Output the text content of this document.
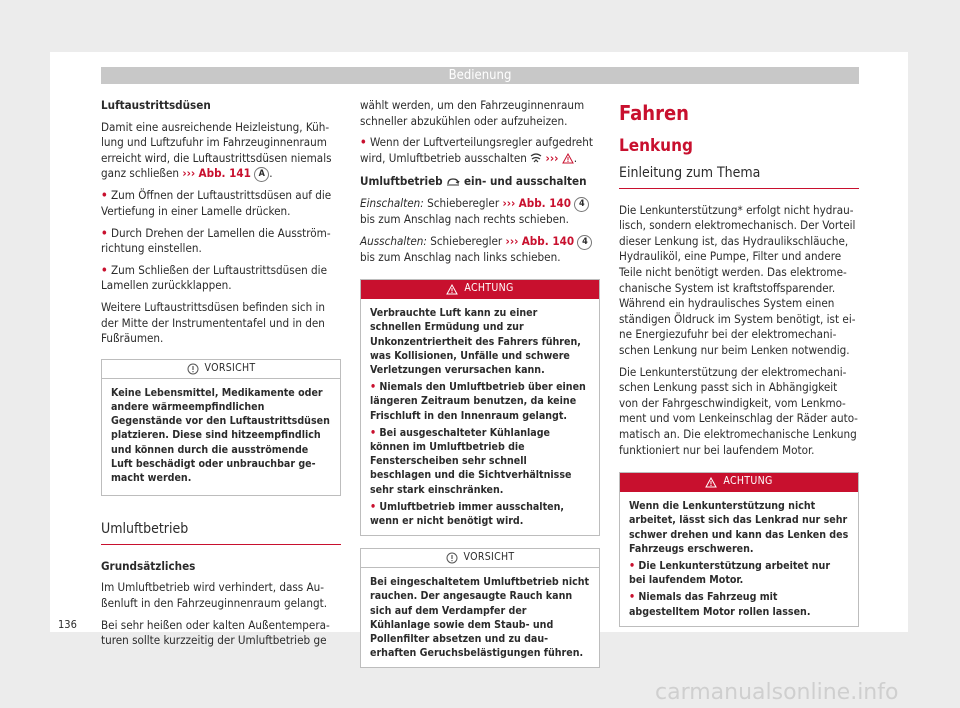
Bedienung

Luftaustrittsdüsen

Damit eine ausreichende Heizleistung, Kühlung und Luftzufuhr im Fahrzeuginnenraum erreicht wird, die Luftaustrittsdüsen niemals ganz schließen ››› Abb. 141 A .

• Zum Öffnen der Luftaustrittsdüsen auf die Vertiefung in einer Lamelle drücken.

• Durch Drehen der Lamellen die Ausströmrichtung einstellen.

• Zum Schließen der Luftaustrittsdüsen die Lamellen zurückklappen.

Weitere Luftaustrittsdüsen befinden sich in der Mitte der Instrumententafel und in den Fußräumen.

VORSICHT

Keine Lebensmittel, Medikamente oder andere wärmeempfindlichen Gegenstände vor den Luftaustrittsdüsen platzieren. Diese sind hitzeempfindlich und können durch die ausströmende Luft beschädigt oder unbrauchbar gemacht werden.

Umluftbetrieb

Grundsätzliches

Im Umluftbetrieb wird verhindert, dass Außenluft in den Fahrzeuginnenraum gelangt.

Bei sehr heißen oder kalten Außentemperaturen sollte kurzzeitig der Umluftbetrieb ge

wählt werden, um den Fahrzeuginnenraum schneller abzukühlen oder aufzuheizen.

• Wenn der Luftverteilungsregler aufgedreht wird, Umluftbetrieb ausschalten ››› .

Umluftbetrieb ein- und ausschalten

Einschalten: Schieberegler ››› Abb. 140 4
bis zum Anschlag nach rechts schieben.

Ausschalten: Schieberegler ››› Abb. 140 4
bis zum Anschlag nach links schieben.

ACHTUNG

Verbrauchte Luft kann zu einer schnellen Ermüdung und zur Unkonzentriertheit des Fahrers führen, was Kollisionen, Unfälle und schwere Verletzungen verursachen kann.

• Niemals den Umluftbetrieb über einen längeren Zeitraum benutzen, da keine Frischluft in den Innenraum gelangt.

• Bei ausgeschalteter Kühlanlage können im Umluftbetrieb die Fensterscheiben sehr schnell beschlagen und die Sichtverhältnisse sehr stark einschränken.

• Umluftbetrieb immer ausschalten, wenn er nicht benötigt wird.

VORSICHT

Bei eingeschaltetem Umluftbetrieb nicht rauchen. Der angesaugte Rauch kann sich auf dem Verdampfer der Kühlanlage sowie dem Staub- und Pollenfilter absetzen und zu dauerhaften Geruchsbelästigungen führen.

Fahren
Lenkung
Einleitung zum Thema

Die Lenkunterstützung* erfolgt nicht hydraulisch, sondern elektromechanisch. Der Vorteil dieser Lenkung ist, das Hydraulikschläuche, Hydrauliköl, eine Pumpe, Filter und andere Teile nicht benötigt werden. Das elektromechanische System ist kraftstoffsparender. Während ein hydraulisches System einen ständigen Öldruck im System benötigt, ist eine Energiezufuhr bei der elektromechanischen Lenkung nur beim Lenken notwendig.

Die Lenkunterstützung der elektromechanischen Lenkung passt sich in Abhängigkeit von der Fahrgeschwindigkeit, vom Lenkmoment und vom Lenkeinschlag der Räder automatisch an. Die elektromechanische Lenkung funktioniert nur bei laufendem Motor.

ACHTUNG

Wenn die Lenkunterstützung nicht arbeitet, lässt sich das Lenkrad nur sehr schwer drehen und kann das Lenken des Fahrzeugs erschweren.

• Die Lenkunterstützung arbeitet nur bei laufendem Motor.

• Niemals das Fahrzeug mit abgestelltem Motor rollen lassen.

136
carmanualsonline.info
